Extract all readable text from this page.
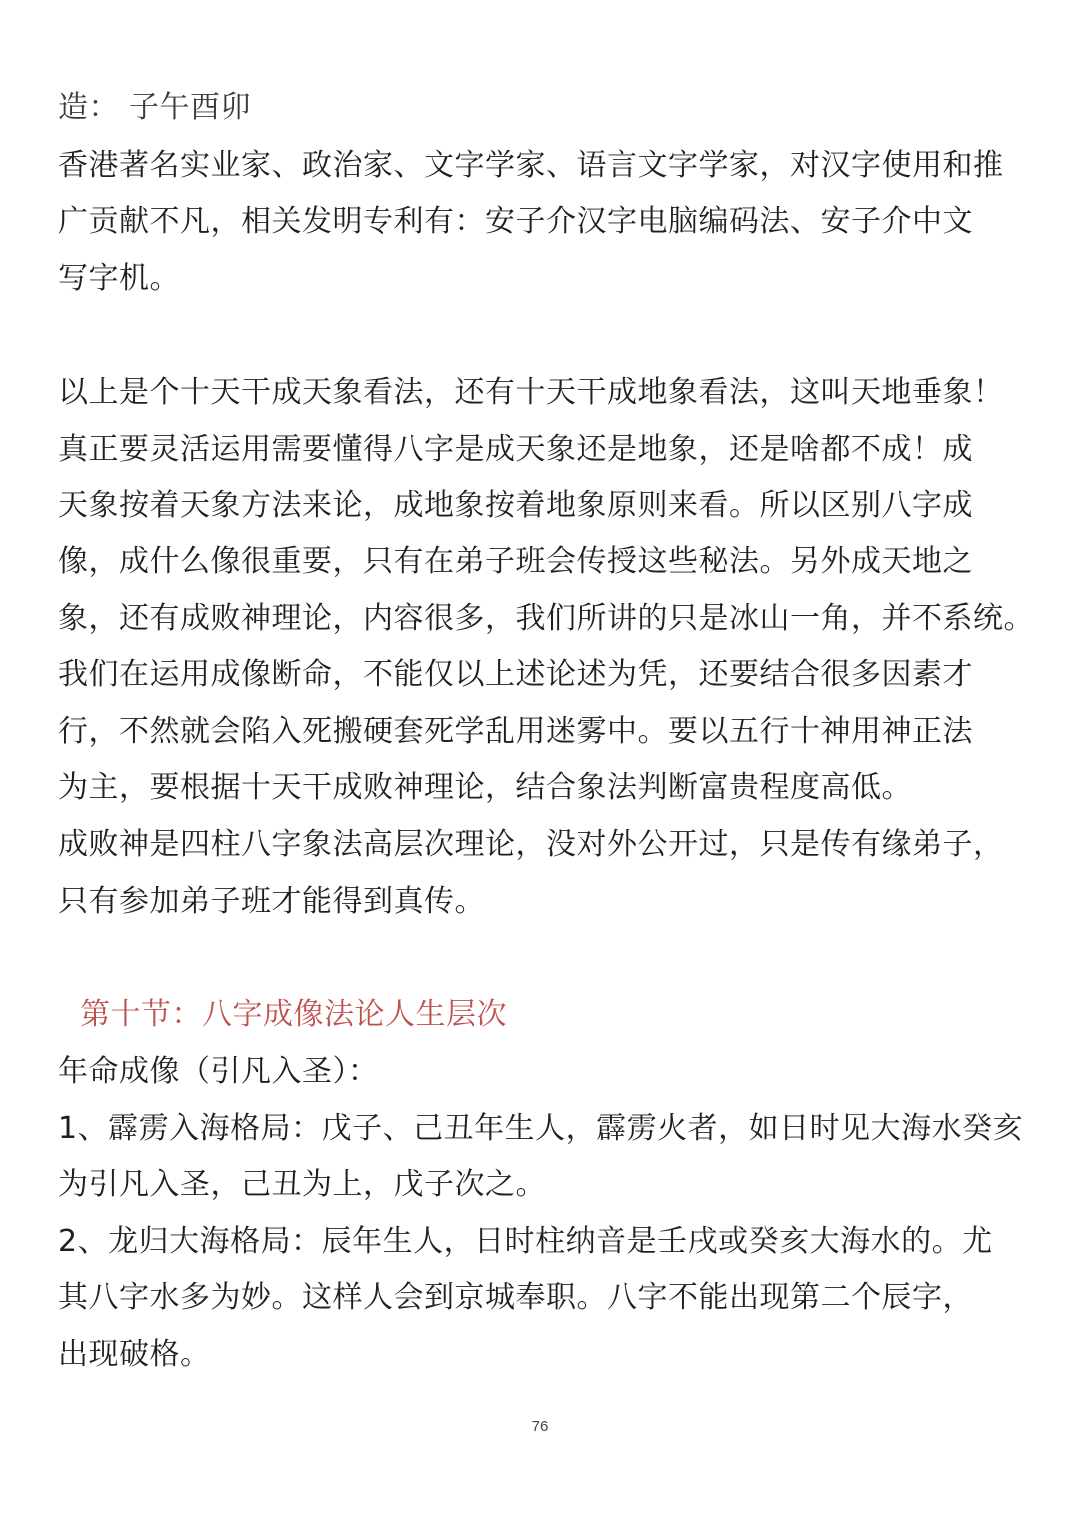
造： 子午酉卯
香港著名实业家、政治家、文字学家、语言文字学家，对汉字使用和推
广贡献不凡，相关发明专利有：安子介汉字电脑编码法、安子介中文
写字机。
以上是个十天干成天象看法，还有十天干成地象看法，这叫天地垂象！
真正要灵活运用需要懂得八字是成天象还是地象，还是啥都不成！成
天象按着天象方法来论，成地象按着地象原则来看。所以区别八字成
像，成什么像很重要，只有在弟子班会传授这些秘法。另外成天地之
象，还有成败神理论，内容很多，我们所讲的只是冰山一角，并不系统。
我们在运用成像断命，不能仅以上述论述为凭，还要结合很多因素才
行，不然就会陷入死搬硬套死学乱用迷雾中。要以五行十神用神正法
为主，要根据十天干成败神理论，结合象法判断富贵程度高低。
成败神是四柱八字象法高层次理论，没对外公开过，只是传有缘弟子，
只有参加弟子班才能得到真传。
第十节：八字成像法论人生层次
年命成像（引凡入圣）：
1、霹雳入海格局：戊子、己丑年生人，霹雳火者，如日时见大海水癸亥
为引凡入圣，己丑为上，戊子次之。
2、龙归大海格局：辰年生人，日时柱纳音是壬戌或癸亥大海水的。尤
其八字水多为妙。这样人会到京城奉职。八字不能出现第二个辰字，
出现破格。
76
